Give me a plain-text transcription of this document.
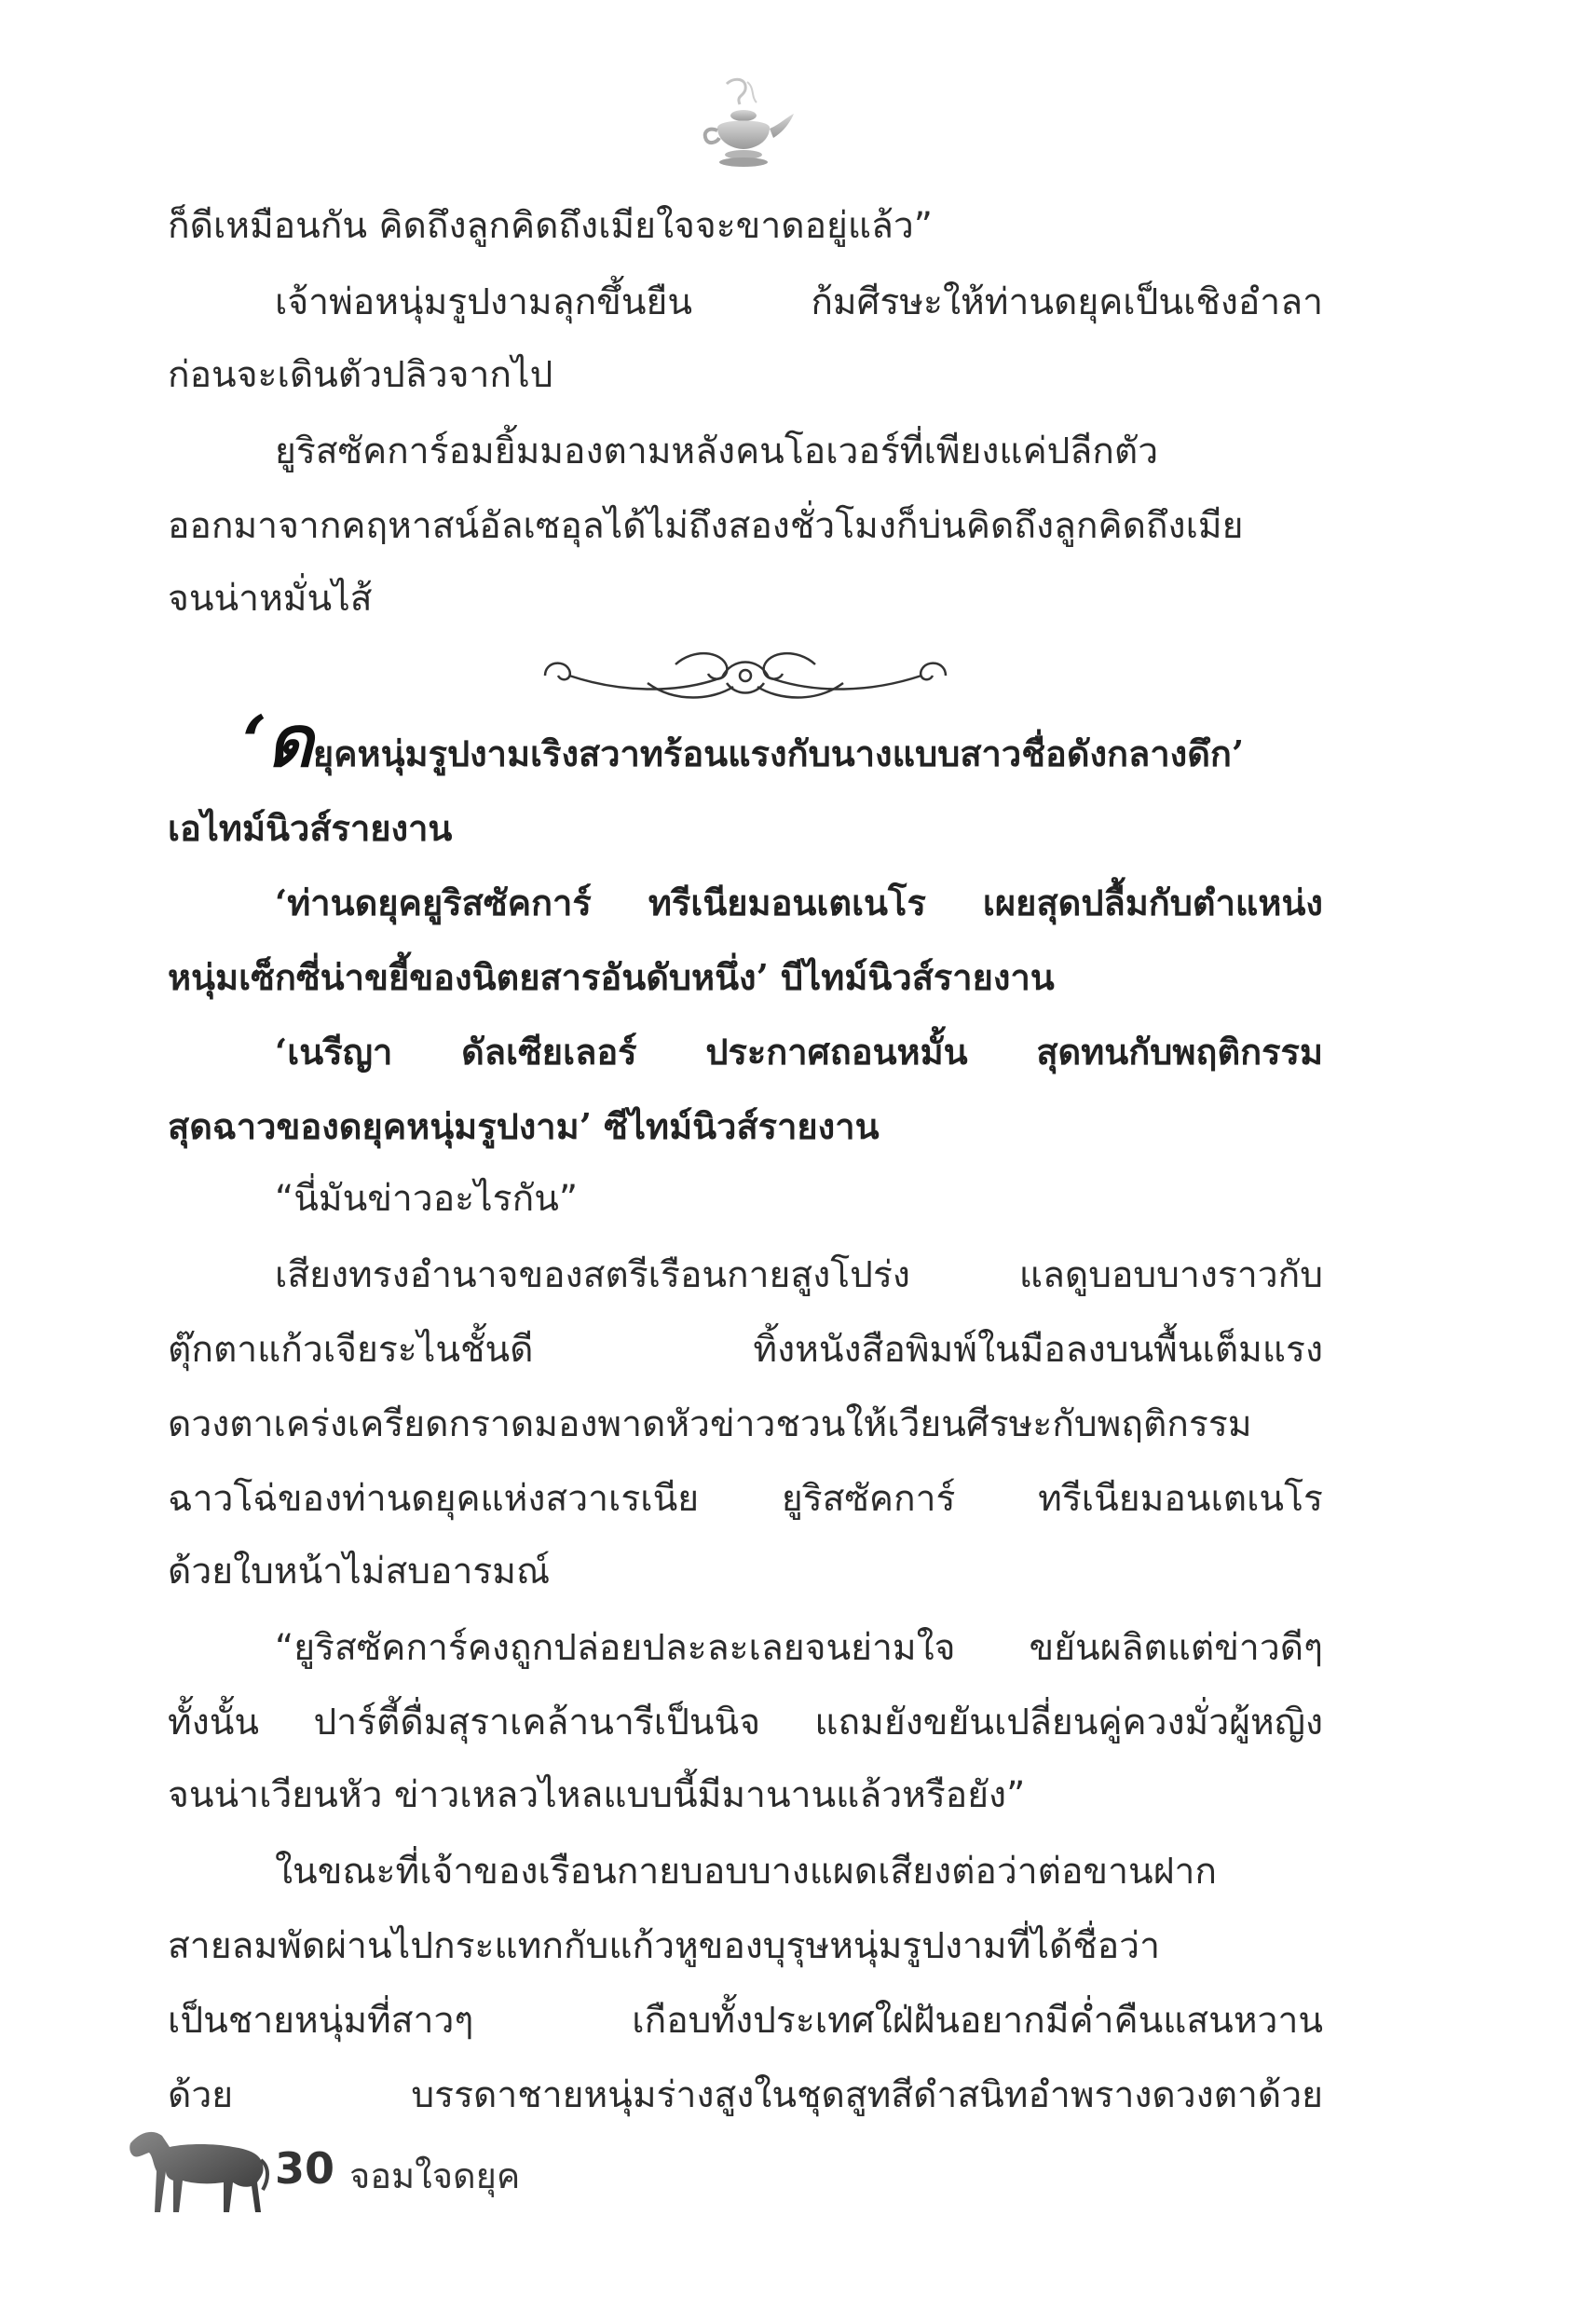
ก็ดีเหมือนกัน คิดถึงลูกคิดถึงเมียใจจะขาดอยู่แล้ว”

เจ้าพ่อหนุ่มรูปงามลุกขึ้นยืน ก้มศีรษะให้ท่านดยุคเป็นเชิงอำลา

ก่อนจะเดินตัวปลิวจากไป

ยูริสซัคการ์อมยิ้มมองตามหลังคนโอเวอร์ที่เพียงแค่ปลีกตัว

ออกมาจากคฤหาสน์อัลเซอุลได้ไม่ถึงสองชั่วโมงก็บ่นคิดถึงลูกคิดถึงเมีย

จนน่าหมั่นไส้

‘ดยุคหนุ่มรูปงามเริงสวาทร้อนแรงกับนางแบบสาวชื่อดังกลางดึก’

เอไทม์นิวส์รายงาน

‘ท่านดยุคยูริสซัคการ์ ทรีเนียมอนเตเนโร เผยสุดปลื้มกับตำแหน่ง

หนุ่มเซ็กซี่น่าขยี้ของนิตยสารอันดับหนึ่ง’ บีไทม์นิวส์รายงาน

‘เนรีญา ดัลเซียเลอร์ ประกาศถอนหมั้น สุดทนกับพฤติกรรม

สุดฉาวของดยุคหนุ่มรูปงาม’ ซีไทม์นิวส์รายงาน

“นี่มันข่าวอะไรกัน”

เสียงทรงอำนาจของสตรีเรือนกายสูงโปร่ง แลดูบอบบางราวกับ

ตุ๊กตาแก้วเจียระไนชั้นดี ทิ้งหนังสือพิมพ์ในมือลงบนพื้นเต็มแรง

ดวงตาเคร่งเครียดกราดมองพาดหัวข่าวชวนให้เวียนศีรษะกับพฤติกรรม

ฉาวโฉ่ของท่านดยุคแห่งสวาเรเนีย ยูริสซัคการ์ ทรีเนียมอนเตเนโร

ด้วยใบหน้าไม่สบอารมณ์

“ยูริสซัคการ์คงถูกปล่อยปละละเลยจนย่ามใจ ขยันผลิตแต่ข่าวดีๆ

ทั้งนั้น ปาร์ตี้ดื่มสุราเคล้านารีเป็นนิจ แถมยังขยันเปลี่ยนคู่ควงมั่วผู้หญิง

จนน่าเวียนหัว ข่าวเหลวไหลแบบนี้มีมานานแล้วหรือยัง”

ในขณะที่เจ้าของเรือนกายบอบบางแผดเสียงต่อว่าต่อขานฝาก

สายลมพัดผ่านไปกระแทกกับแก้วหูของบุรุษหนุ่มรูปงามที่ได้ชื่อว่า

เป็นชายหนุ่มที่สาวๆ เกือบทั้งประเทศใฝ่ฝันอยากมีค่ำคืนแสนหวาน

ด้วย บรรดาชายหนุ่มร่างสูงในชุดสูทสีดำสนิทอำพรางดวงตาด้วย

30 จอมใจดยุค
